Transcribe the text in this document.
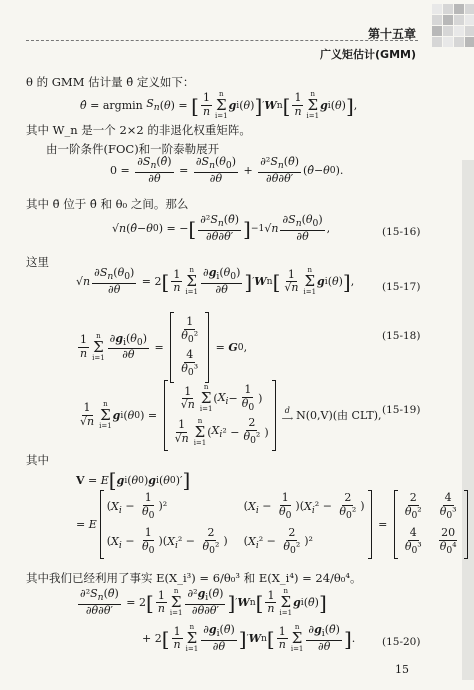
第十五章
广义矩估计(GMM)
θ 的 GMM 估计量 θ̂ 定义如下：
θ̂ = argmin $S_n$ ( θ ) = [ $\frac{1}{n}$ n
Σ
i=1
g i ( θ ) ] ′ W n [ $\frac{1}{n}$ n
Σ
i=1
g i ( θ ) ] ,
其中 W_n 是一个 2×2 的非退化权重矩阵。
由一阶条件(FOC)和一阶泰勒展开
$0 = \frac{\partial S_n(\thetâ)}{\partial\theta} = \frac{\partial S_n(\theta_0)}{\partial\theta} + \frac{\partial^2S_n(\thetā)}{\partial\theta\partial\theta'}$ ( θ̂ − θ 0 ).
其中 θ̄ 位于 θ̂ 和 θ₀ 之间。那么
√ n ( θ̂ − θ 0 ) = − [ $\frac{\partial^2S_n(\thetā)}{\partial\theta\partial\theta'}$ ] −1 √ n $\frac{\partial S_n(\theta_0)}{\partial\theta}$ ,	(15-16)
这里
√ n $\frac{\partial S_n(\theta_0)}{\partial\theta} = 2$ [ $\frac{1}{n}$ n
Σ
$i=1 \frac{\partial g_i(\theta_0)}{\partial\theta}$ ] ′ W n [ $\frac{1}{√n}$ n
Σ
i=1
g i ( θ ) ] ,	(15-17)
$\frac{1}{n}$ n
Σ
$i=1 \frac{\partial g_i(\theta_0)}{\partial\theta}$ =
$\frac{1}{\theta_0^2}$
$\frac{4}{\theta_0^3}$
= G 0 ,
(15-18)
$\frac{1}{√n}$ n
Σ
i=1
g i ( θ 0 ) =
$\frac{1}{√n}$ n
Σ
i=1
( $X_i - \frac{1}{\theta_0}$ )
$\frac{1}{√n}$ n
Σ
i=1
( $X_i$ $^2 - \frac{2}{\theta_0^2}$ )
d
⟶ N(0,V)(由 CLT), (15-19)
其中
V = E [ g i ( θ 0 ) g i ( θ 0 )′ ]
= E
$(X_i - \frac{1}{\theta_0} )^2$	$(X_i - \frac{1}{\theta_0} )(X_i^2 - \frac{2}{\theta_0^2}$ )
$(X_i - \frac{1}{\theta_0} )(X_i^2 - \frac{2}{\theta_0^2}$ ) $(X_i^2 - \frac{2}{\theta_0^2} )^2$
=
$\frac{2}{\theta_0^2} \frac{4}{\theta_0^3}$
$\frac{4}{\theta_0^3} \frac{20}{\theta_0^4}$
其中我们已经利用了事实 E(X_i³) = 6/θ₀³ 和 E(X_i⁴) = 24/θ₀⁴。
$\frac{\partial^2S_n(\thetā)}{\partial\theta\partial\theta'} = 2$ [ $\frac{1}{n}$ n
Σ
$i=1 \frac{\partial^2g_i(\thetā)}{\partial\theta\partial\theta'}$ ] ′ W n [ $\frac{1}{n}$ n
Σ
i=1
g i ( θ̄ ) ]
+ 2 [ $\frac{1}{n}$ n
Σ
$i=1 \frac{\partial g_i(\thetā)}{\partial\theta}$ ] ′ W n [ $\frac{1}{n}$ n
Σ
$i=1 \frac{\partial g_i(\thetā)}{\partial\theta}$ ] .	(15-20)
15
